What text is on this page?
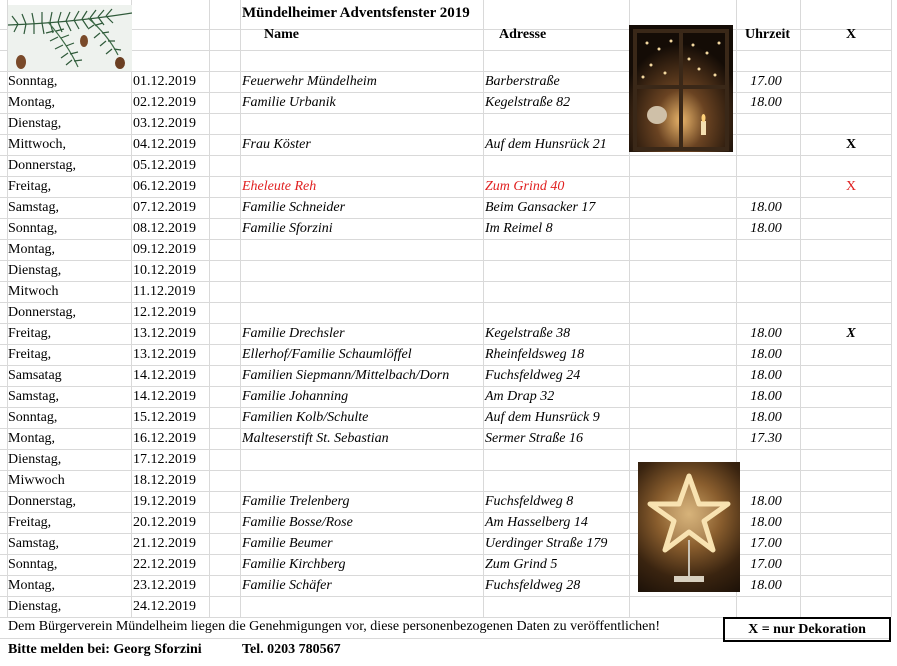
Mündelheimer Adventsfenster 2019
Name	Adresse	Uhrzeit	X
Sonntag,	01.12.2019	Feuerwehr Mündelheim	Barberstraße	17.00
Montag,	02.12.2019	Familie Urbanik	Kegelstraße 82	18.00
Dienstag,	03.12.2019
Mittwoch,	04.12.2019	Frau Köster	Auf dem Hunsrück 21	X
Donnerstag,	05.12.2019
Freitag,	06.12.2019	Eheleute Reh	Zum Grind 40	X
Samstag,	07.12.2019	Familie Schneider	Beim Gansacker 17	18.00
Sonntag,	08.12.2019	Familie Sforzini	Im Reimel 8	18.00
Montag,	09.12.2019
Dienstag,	10.12.2019
Mitwoch	11.12.2019
Donnerstag,	12.12.2019
Freitag,	13.12.2019	Familie Drechsler	Kegelstraße 38	18.00	X
Freitag,	13.12.2019	Ellerhof/Familie Schaumlöffel	Rheinfeldsweg 18	18.00
Samsatag	14.12.2019	Familien Siepmann/Mittelbach/Dorn	Fuchsfeldweg 24	18.00
Samstag,	14.12.2019	Familie Johanning	Am Drap 32	18.00
Sonntag,	15.12.2019	Familien Kolb/Schulte	Auf dem Hunsrück 9	18.00
Montag,	16.12.2019	Malteserstift St. Sebastian	Sermer Straße 16	17.30
Dienstag,	17.12.2019
Miwwoch	18.12.2019
Donnerstag,	19.12.2019	Familie Trelenberg	Fuchsfeldweg 8	18.00
Freitag,	20.12.2019	Familie Bosse/Rose	Am Hasselberg 14	18.00
Samstag,	21.12.2019	Familie Beumer	Uerdinger Straße 179	17.00
Sonntag,	22.12.2019	Familie Kirchberg	Zum Grind 5	17.00
Montag,	23.12.2019	Familie Schäfer	Fuchsfeldweg 28	18.00
Dienstag,	24.12.2019
Dem Bürgerverein Mündelheim liegen die Genehmigungen vor, diese personenbezogenen Daten zu veröffentlichen!	X = nur Dekoration
Bitte melden bei: Georg Sforzini	Tel. 0203 780567
